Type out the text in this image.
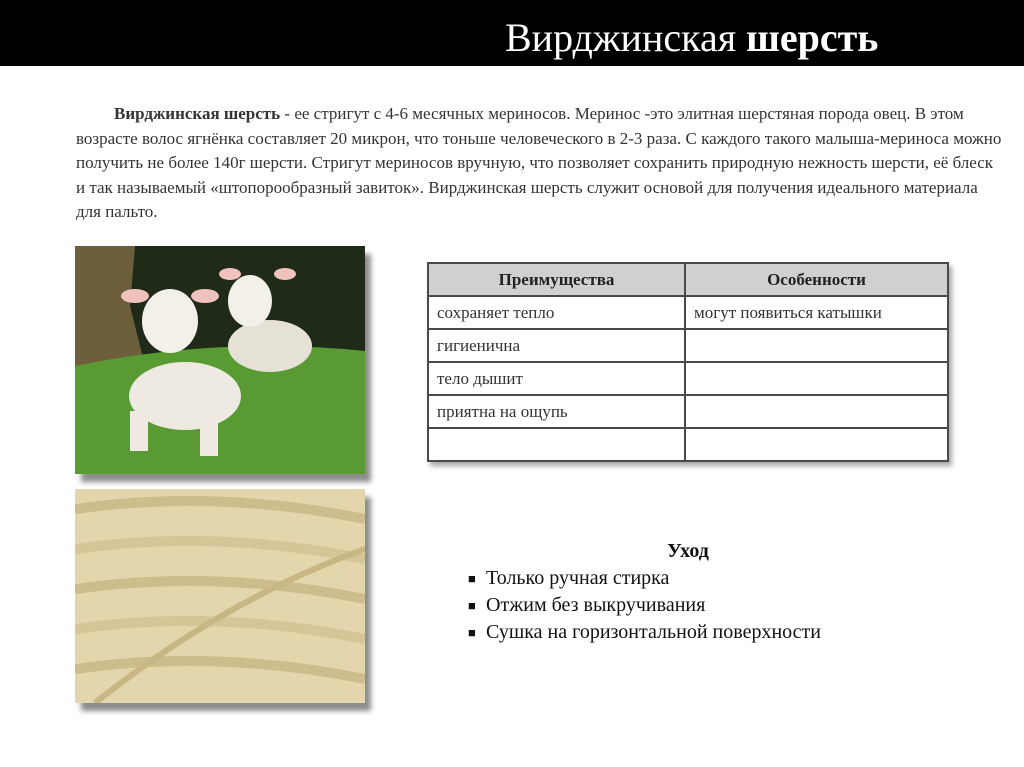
Вирджинская шерсть
Вирджинская шерсть - ее стригут с 4-6 месячных мериносов. Меринос -это элитная шерстяная порода овец. В этом возрасте волос ягнёнка составляет 20 микрон, что тоньше человеческого в 2-3 раза. С каждого такого малыша-мериноса можно получить не более 140г шерсти. Стригут мериносов вручную, что позволяет сохранить природную нежность шерсти, её блеск и так называемый «штопорообразный завиток». Вирджинская шерсть служит основой для получения идеального материала для пальто.
Преимущества	Особенности
сохраняет тепло	могут появиться катышки
гигиенична	
тело дышит	
приятна на ощупь	

Уход
■ Только ручная стирка
■ Отжим без выкручивания
■ Сушка на горизонтальной поверхности
